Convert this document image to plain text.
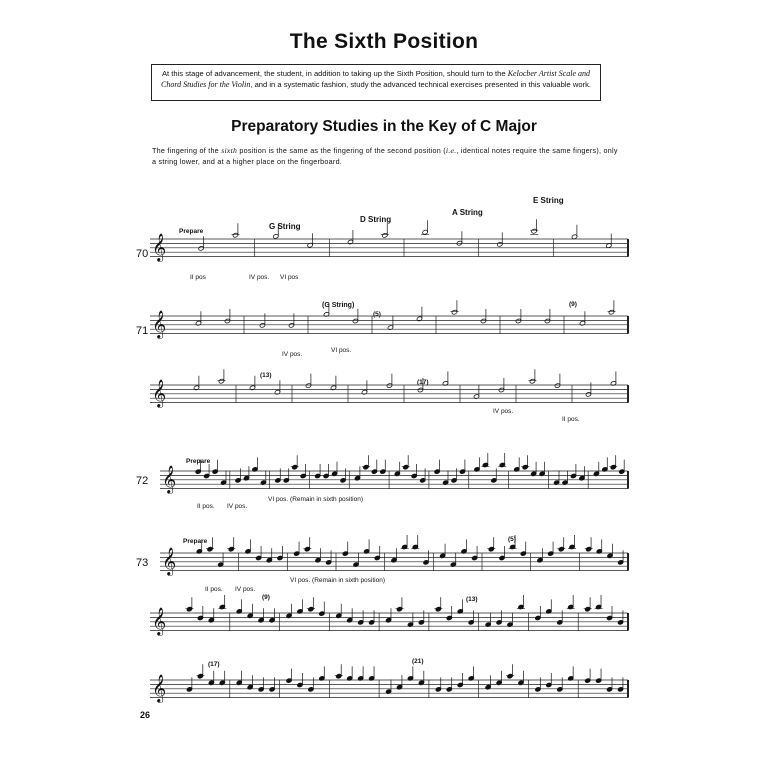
The Sixth Position
At this stage of advancement, the student, in addition to taking up the Sixth Position, should turn to the Kelocber Artist Scale and Chord Studies for the Violin, and in a systematic fashion, study the advanced technical exercises presented in this valuable work.
Preparatory Studies in the Key of C Major
The fingering of the sixth position is the same as the fingering of the second position (i.e., identical notes require the same fingers), only a string lower, and at a higher place on the fingerboard.
𝄞
𝄞
𝄞
𝄞
𝄞
𝄞
𝄞
70
Prepare
G String
D String
A String
E String
II pos	IV pos. VI pos
71
(G String)
(5)
(9)
IV pos.
VI pos.
(13)
(17)
IV pos.
II pos.
72
Prepare
II pos. IV pos.
VI pos. (Remain in sixth position)
73
Prepare
II pos. IV pos.
VI pos. (Remain in sixth position)
(5)
(9)	(13)
(17)	(21)
26
